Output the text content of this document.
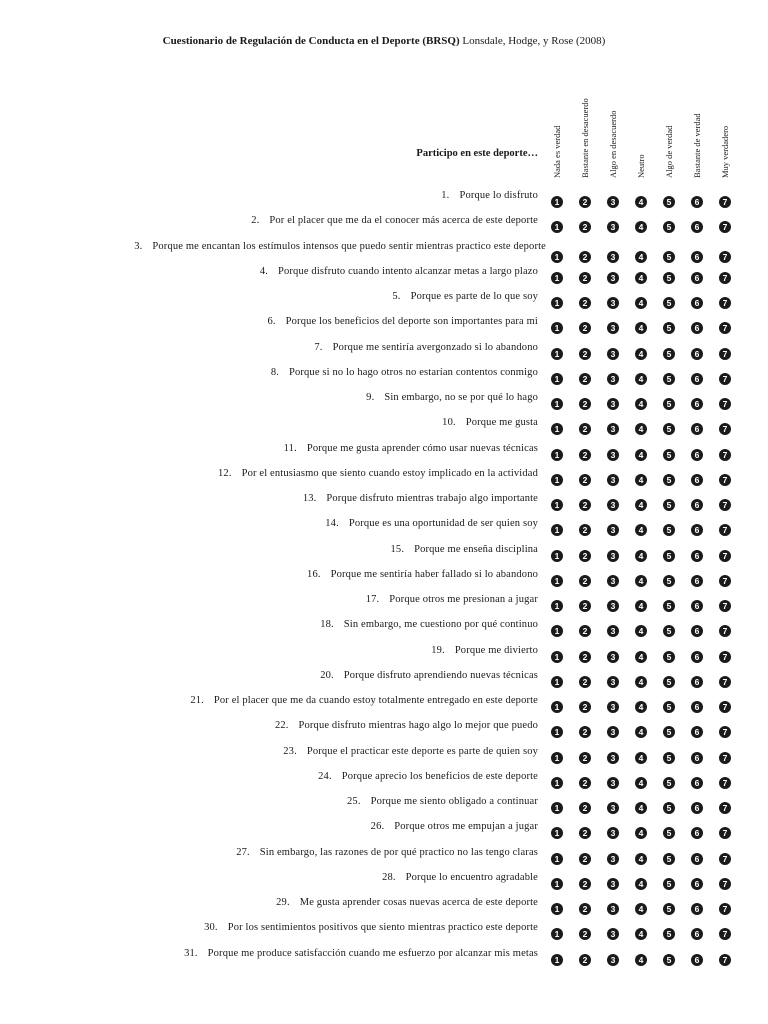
Cuestionario de Regulación de Conducta en el Deporte (BRSQ) Lonsdale, Hodge, y Rose (2008)
Participo en este deporte… Nada es verdad Bastante en desacuerdo Algo en desacuerdo Neutro Algo de verdad Bastante de verdad Muy verdadero
1. Porque lo disfruto
1	2	3	4	5	6	7
2. Por el placer que me da el conocer más acerca de este deporte
1	2	3	4	5	6	7
3. Porque me encantan los estímulos intensos que puedo sentir mientras practico este deporte
1	2	3	4	5	6	7
4. Porque disfruto cuando intento alcanzar metas a largo plazo
1	2	3	4	5	6	7
5. Porque es parte de lo que soy
1	2	3	4	5	6	7
6. Porque los beneficios del deporte son importantes para mi
1	2	3	4	5	6	7
7. Porque me sentiría avergonzado si lo abandono
1	2	3	4	5	6	7
8. Porque si no lo hago otros no estarían contentos conmigo
1	2	3	4	5	6	7
9. Sin embargo, no se por qué lo hago
1	2	3	4	5	6	7
10. Porque me gusta
1	2	3	4	5	6	7
11. Porque me gusta aprender cómo usar nuevas técnicas
1	2	3	4	5	6	7
12. Por el entusiasmo que siento cuando estoy implicado en la actividad
1	2	3	4	5	6	7
13. Porque disfruto mientras trabajo algo importante
1	2	3	4	5	6	7
14. Porque es una oportunidad de ser quien soy
1	2	3	4	5	6	7
15. Porque me enseña disciplina
1	2	3	4	5	6	7
16. Porque me sentiría haber fallado si lo abandono
1	2	3	4	5	6	7
17. Porque otros me presionan a jugar
1	2	3	4	5	6	7
18. Sin embargo, me cuestiono por qué continuo
1	2	3	4	5	6	7
19. Porque me divierto
1	2	3	4	5	6	7
20. Porque disfruto aprendiendo nuevas técnicas
1	2	3	4	5	6	7
21. Por el placer que me da cuando estoy totalmente entregado en este deporte
1	2	3	4	5	6	7
22. Porque disfruto mientras hago algo lo mejor que puedo
1	2	3	4	5	6	7
23. Porque el practicar este deporte es parte de quien soy
1	2	3	4	5	6	7
24. Porque aprecio los beneficios de este deporte
1	2	3	4	5	6	7
25. Porque me siento obligado a continuar
1	2	3	4	5	6	7
26. Porque otros me empujan a jugar
1	2	3	4	5	6	7
27. Sin embargo, las razones de por qué practico no las tengo claras
1	2	3	4	5	6	7
28. Porque lo encuentro agradable
1	2	3	4	5	6	7
29. Me gusta aprender cosas nuevas acerca de este deporte
1	2	3	4	5	6	7
30. Por los sentimientos positivos que siento mientras practico este deporte
1	2	3	4	5	6	7
31. Porque me produce satisfacción cuando me esfuerzo por alcanzar mis metas
1	2	3	4	5	6	7
